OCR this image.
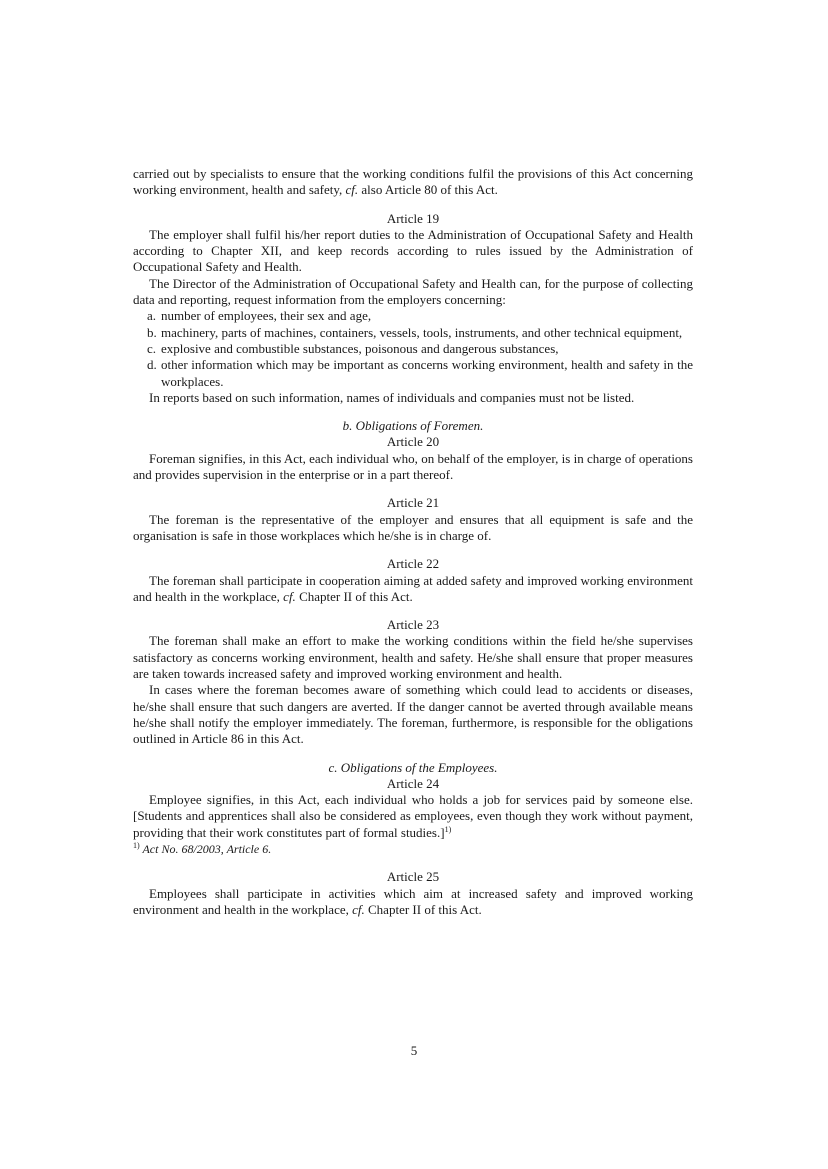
carried out by specialists to ensure that the working conditions fulfil the provisions of this Act concerning working environment, health and safety, cf. also Article 80 of this Act.

Article 19

The employer shall fulfil his/her report duties to the Administration of Occupational Safety and Health according to Chapter XII, and keep records according to rules issued by the Administration of Occupational Safety and Health.

The Director of the Administration of Occupational Safety and Health can, for the purpose of collecting data and reporting, request information from the employers concerning:

a. number of employees, their sex and age,
b. machinery, parts of machines, containers, vessels, tools, instruments, and other technical equipment,
c. explosive and combustible substances, poisonous and dangerous substances,
d. other information which may be important as concerns working environment, health and safety in the workplaces.

In reports based on such information, names of individuals and companies must not be listed.

b. Obligations of Foremen.

Article 20

Foreman signifies, in this Act, each individual who, on behalf of the employer, is in charge of operations and provides supervision in the enterprise or in a part thereof.

Article 21

The foreman is the representative of the employer and ensures that all equipment is safe and the organisation is safe in those workplaces which he/she is in charge of.

Article 22

The foreman shall participate in cooperation aiming at added safety and improved working environment and health in the workplace, cf. Chapter II of this Act.

Article 23

The foreman shall make an effort to make the working conditions within the field he/she supervises satisfactory as concerns working environment, health and safety. He/she shall ensure that proper measures are taken towards increased safety and improved working environment and health.

In cases where the foreman becomes aware of something which could lead to accidents or diseases, he/she shall ensure that such dangers are averted. If the danger cannot be averted through available means he/she shall notify the employer immediately. The foreman, furthermore, is responsible for the obligations outlined in Article 86 in this Act.

c. Obligations of the Employees.

Article 24

Employee signifies, in this Act, each individual who holds a job for services paid by someone else. [Students and apprentices shall also be considered as employees, even though they work without payment, providing that their work constitutes part of formal studies.]$^{1)}$

$^{1)}$ Act No. 68/2003, Article 6.

Article 25

Employees shall participate in activities which aim at increased safety and improved working environment and health in the workplace, cf. Chapter II of this Act.

5
